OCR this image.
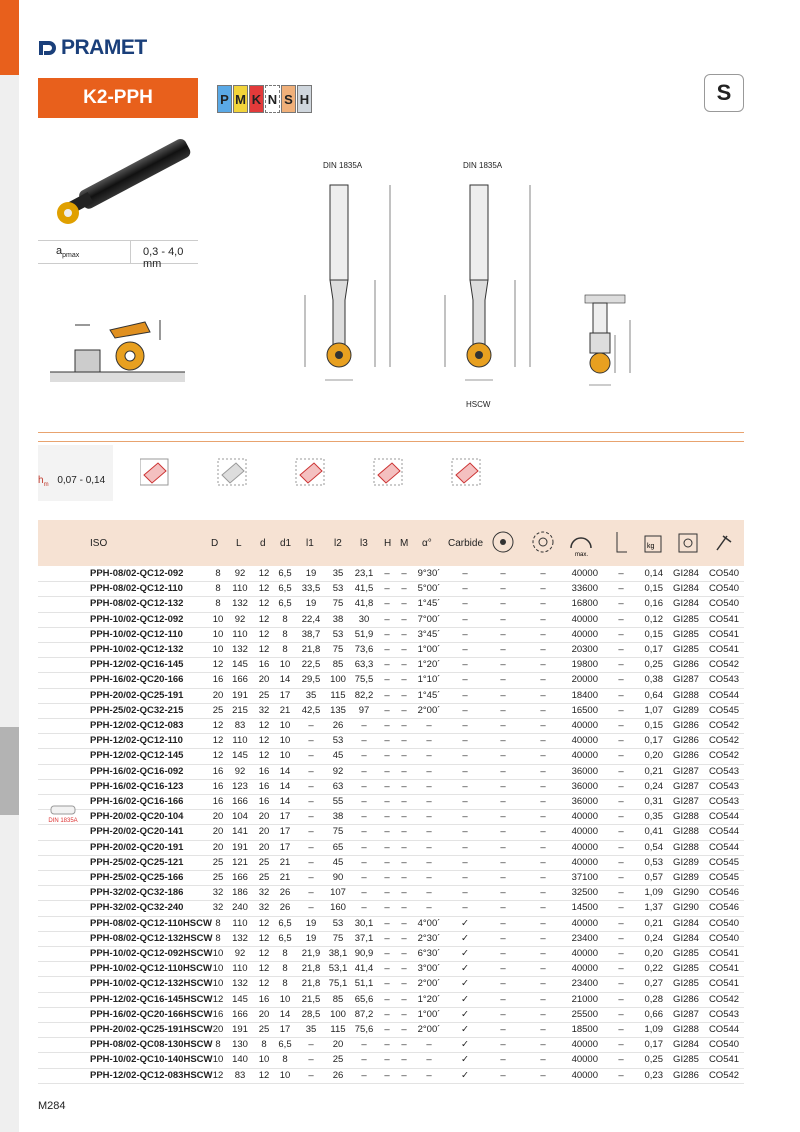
PRAMET
K2-PPH	P M K N S H	S
$a_{pmax}$	0,3 - 4,0 mm
DIN 1835A	DIN 1835A
HSCW
$h_m$ 0,07 - 0,14
ISO	D L d d1 l1 l2 l3 H M α° Carbide
max.
kg
PPH-08/02-QC12-092	8 92 12 6,5 19 35 23,1 – – 9°30´ –	–	–	40000 – 0,14 GI284 CO540
PPH-08/02-QC12-110	8 110 12 6,5 33,5 53 41,5 – – 5°00´ –	–	–	33600 – 0,15 GI284 CO540
PPH-08/02-QC12-132	8 132 12 6,5 19 75 41,8 – – 1°45´ –	–	–	16800 – 0,16 GI284 CO540
PPH-10/02-QC12-092	10 92 12 8 22,4 38 30 – – 7°00´ –	–	–	40000 – 0,12 GI285 CO541
PPH-10/02-QC12-110	10 110 12 8 38,7 53 51,9 – – 3°45´ –	–	–	40000 – 0,15 GI285 CO541
PPH-10/02-QC12-132	10 132 12 8 21,8 75 73,6 – – 1°00´ –	–	–	20300 – 0,17 GI285 CO541
PPH-12/02-QC16-145	12 145 16 10 22,5 85 63,3 – – 1°20´ –	–	–	19800 – 0,25 GI286 CO542
PPH-16/02-QC20-166	16 166 20 14 29,5 100 75,5 – – 1°10´ –	–	–	20000 – 0,38 GI287 CO543
PPH-20/02-QC25-191	20 191 25 17 35 115 82,2 – – 1°45´ –	–	–	18400 – 0,64 GI288 CO544
PPH-25/02-QC32-215	25 215 32 21 42,5 135 97 – – 2°00´ –	–	–	16500 – 1,07 GI289 CO545
PPH-12/02-QC12-083	12 83 12 10 – 26 – – – –	–	–	–	40000 – 0,15 GI286 CO542
PPH-12/02-QC12-110	12 110 12 10 – 53 – – – –	–	–	–	40000 – 0,17 GI286 CO542
PPH-12/02-QC12-145	12 145 12 10 – 45 – – – –	–	–	–	40000 – 0,20 GI286 CO542
PPH-16/02-QC16-092	16 92 16 14 – 92 – – – –	–	–	–	36000 – 0,21 GI287 CO543
PPH-16/02-QC16-123	16 123 16 14 – 63 – – – –	–	–	–	36000 – 0,24 GI287 CO543
PPH-16/02-QC16-166	16 166 16 14 – 55 – – – –	–	–	–	36000 – 0,31 GI287 CO543
PPH-20/02-QC20-104	20 104 20 17 – 38 – – – –	–	–	–	40000 – 0,35 GI288 CO544
PPH-20/02-QC20-141	20 141 20 17 – 75 – – – –	–	–	–	40000 – 0,41 GI288 CO544
PPH-20/02-QC20-191	20 191 20 17 – 65 – – – –	–	–	–	40000 – 0,54 GI288 CO544
PPH-25/02-QC25-121	25 121 25 21 – 45 – – – –	–	–	–	40000 – 0,53 GI289 CO545
PPH-25/02-QC25-166	25 166 25 21 – 90 – – – –	–	–	–	37100 – 0,57 GI289 CO545
PPH-32/02-QC32-186	32 186 32 26 – 107 – – – –	–	–	–	32500 – 1,09 GI290 CO546
PPH-32/02-QC32-240	32 240 32 26 – 160 – – – –	–	–	–	14500 – 1,37 GI290 CO546
PPH-08/02-QC12-110HSCW 8 110 12 6,5 19 53 30,1 – – 4°00´ ✓	–	–	40000 – 0,21 GI284 CO540
PPH-08/02-QC12-132HSCW 8 132 12 6,5 19 75 37,1 – – 2°30´ ✓	–	–	23400 – 0,24 GI284 CO540
PPH-10/02-QC12-092HSCW 10 92 12 8 21,9 38,1 90,9 – – 6°30´ ✓	–	–	40000 – 0,20 GI285 CO541
PPH-10/02-QC12-110HSCW 10 110 12 8 21,8 53,1 41,4 – – 3°00´ ✓	–	–	40000 – 0,22 GI285 CO541
PPH-10/02-QC12-132HSCW 10 132 12 8 21,8 75,1 51,1 – – 2°00´ ✓	–	–	23400 – 0,27 GI285 CO541
PPH-12/02-QC16-145HSCW 12 145 16 10 21,5 85 65,6 – – 1°20´ ✓	–	–	21000 – 0,28 GI286 CO542
PPH-16/02-QC20-166HSCW 16 166 20 14 28,5 100 87,2 – – 1°00´ ✓	–	–	25500 – 0,66 GI287 CO543
PPH-20/02-QC25-191HSCW 20 191 25 17 35 115 75,6 – – 2°00´ ✓	–	–	18500 – 1,09 GI288 CO544
PPH-08/02-QC08-130HSCW 8 130 8 6,5 – 20 – – – –	✓	–	–	40000 – 0,17 GI284 CO540
PPH-10/02-QC10-140HSCW 10 140 10 8 – 25 – – – –	✓	–	–	40000 – 0,25 GI285 CO541
PPH-12/02-QC12-083HSCW 12 83 12 10 – 26 – – – –	✓	–	–	40000 – 0,23 GI286 CO542
DIN 1835A
M284
